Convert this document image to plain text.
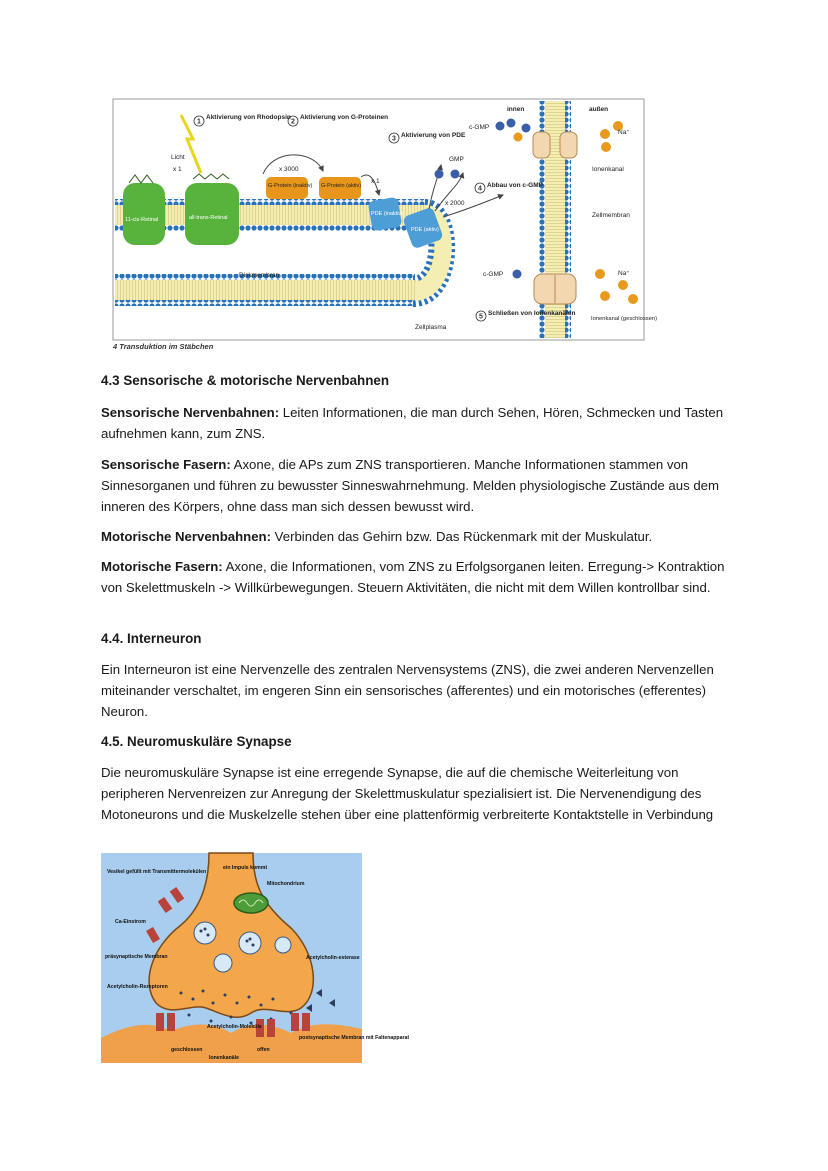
1	2
3
4
5
Aktivierung von Rhodopsin Aktivierung von G-Proteinen
Aktivierung von PDE
Abbau von c-GMP
Schließen von Ionenkanälen
Licht
x 1	x 3000
x 1
x 2000
G-Protein (inaktiv) G-Protein (aktiv)
PDE (inaktiv)
PDE (aktiv)
11-cis-Retinal	all-trans-Retinal
GMP
c-GMP
c-GMP
innen	außen
Na⁺
Na⁺
Ionenkanal
Zellmembran
Diskmembran
Zellplasma
Ionenkanal (geschlossen)
4 Transduktion im Stäbchen
4.3 Sensorische & motorische Nervenbahnen
Sensorische Nervenbahnen: Leiten Informationen, die man durch Sehen, Hören, Schmecken und Tasten aufnehmen kann, zum ZNS.
Sensorische Fasern: Axone, die APs zum ZNS transportieren. Manche Informationen stammen von Sinnesorganen und führen zu bewusster Sinneswahrnehmung. Melden physiologische Zustände aus dem inneren des Körpers, ohne dass man sich dessen bewusst wird.
Motorische Nervenbahnen: Verbinden das Gehirn bzw. Das Rückenmark mit der Muskulatur.
Motorische Fasern: Axone, die Informationen, vom ZNS zu Erfolgsorganen leiten. Erregung-> Kontraktion von Skelettmuskeln -> Willkürbewegungen. Steuern Aktivitäten, die nicht mit dem Willen kontrollbar sind.
4.4. Interneuron
Ein Interneuron ist eine Nervenzelle des zentralen Nervensystems (ZNS), die zwei anderen Nervenzellen miteinander verschaltet, im engeren Sinn ein sensorisches (afferentes) und ein motorisches (efferentes) Neuron.
4.5. Neuromuskuläre Synapse
Die neuromuskuläre Synapse ist eine erregende Synapse, die auf die chemische Weiterleitung von peripheren Nervenreizen zur Anregung der Skelettmuskulatur spezialisiert ist. Die Nervenendigung des Motoneurons und die Muskelzelle stehen über eine plattenförmig verbreiterte Kontaktstelle in Verbindung
ein Impuls kommt
Vesikel gefüllt mit Transmittermolekülen
Mitochondrium
Ca-Einstrom
präsynaptische Membran	Acetylcholin-esterase
Acetylcholin-Rezeptoren
Acetylcholin-Moleküle
postsynaptische Membran mit Faltenapparat
geschlossen	offen
Ionenkanäle
